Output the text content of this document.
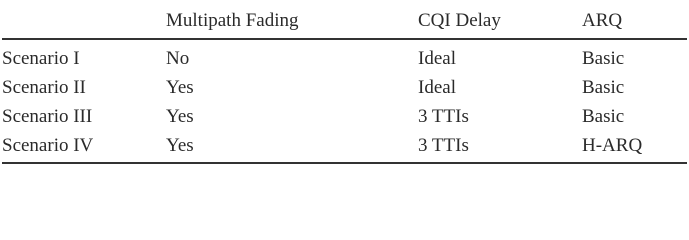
	Multipath Fading	CQI Delay	ARQ
Scenario I	No	Ideal	Basic
Scenario II	Yes	Ideal	Basic
Scenario III	Yes	3 TTIs	Basic
Scenario IV	Yes	3 TTIs	H-ARQ
